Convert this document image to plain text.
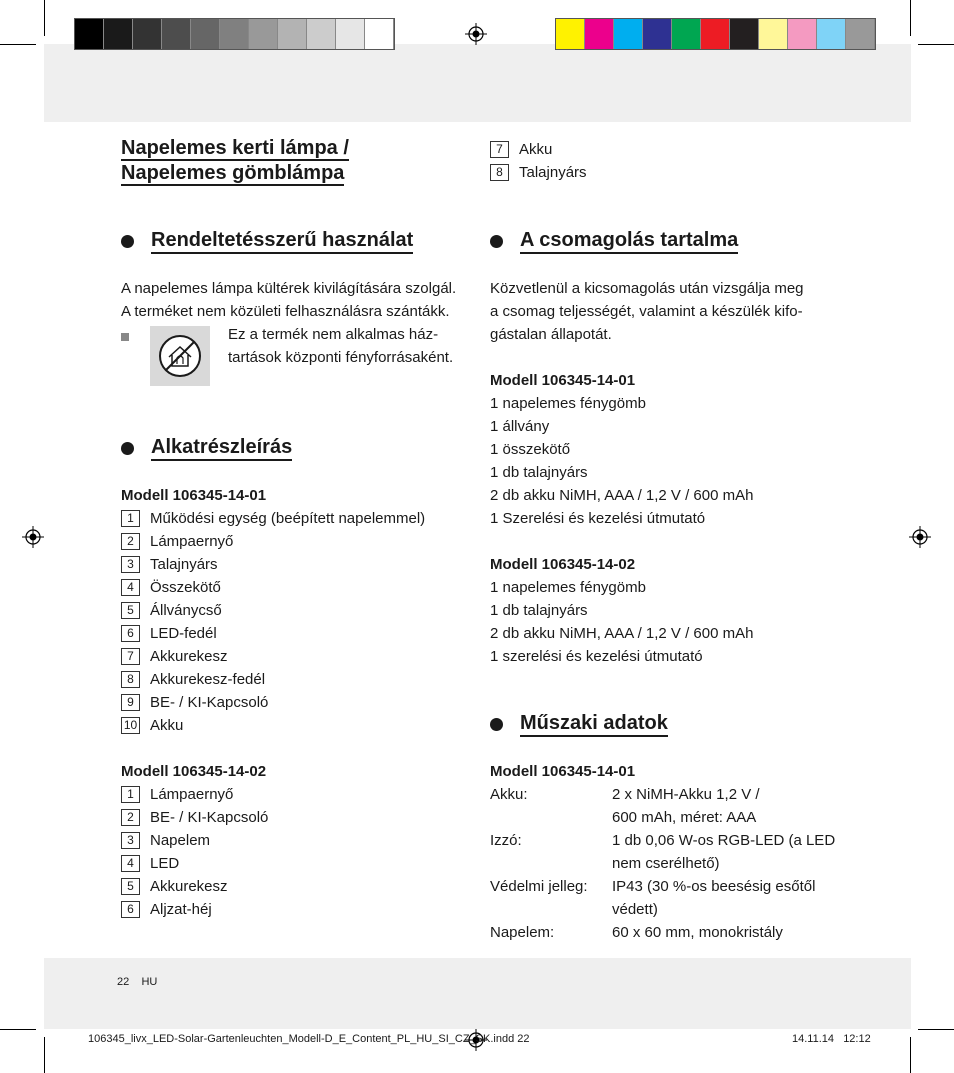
Napelemes kerti lámpa /
Napelemes gömblámpa
Rendeltetésszerű használat
A napelemes lámpa kültérek kivilágítására szolgál.
A terméket nem közületi felhasználásra szántákk.
Ez a termék nem alkalmas ház-
tartások központi fényforrásaként.
Alkatrészleírás
Modell 106345-14-01
1	Működési egység (beépített napelemmel)
2	Lámpaernyő
3	Talajnyárs
4	Összekötő
5	Állványcső
6	LED-fedél
7	Akkurekesz
8	Akkurekesz-fedél
9	BE- / KI-Kapcsoló
10 Akku
Modell 106345-14-02
1	Lámpaernyő
2	BE- / KI-Kapcsoló
3	Napelem
4	LED
5	Akkurekesz
6	Aljzat-héj
22 HU
7	Akku
8	Talajnyárs
A csomagolás tartalma
Közvetlenül a kicsomagolás után vizsgálja meg
a csomag teljességét, valamint a készülék kifo-
gástalan állapotát.
Modell 106345-14-01
1 napelemes fénygömb
1 állvány
1 összekötő
1 db talajnyárs
2 db akku NiMH, AAA / 1,2 V / 600 mAh
1 Szerelési és kezelési útmutató
Modell 106345-14-02
1 napelemes fénygömb
1 db talajnyárs
2 db akku NiMH, AAA / 1,2 V / 600 mAh
1 szerelési és kezelési útmutató
Műszaki adatok
Modell 106345-14-01
Akku:	2 x NiMH-Akku 1,2 V /
600 mAh, méret: AAA
Izzó:	1 db 0,06 W-os RGB-LED (a LED
nem cserélhető)
Védelmi jelleg:	IP43 (30 %-os beesésig esőtől
védett)
Napelem:	60 x 60 mm, monokristály
106345_livx_LED-Solar-Gartenleuchten_Modell-D_E_Content_PL_HU_SI_CZ_SK.indd 22	14.11.14 12:12
